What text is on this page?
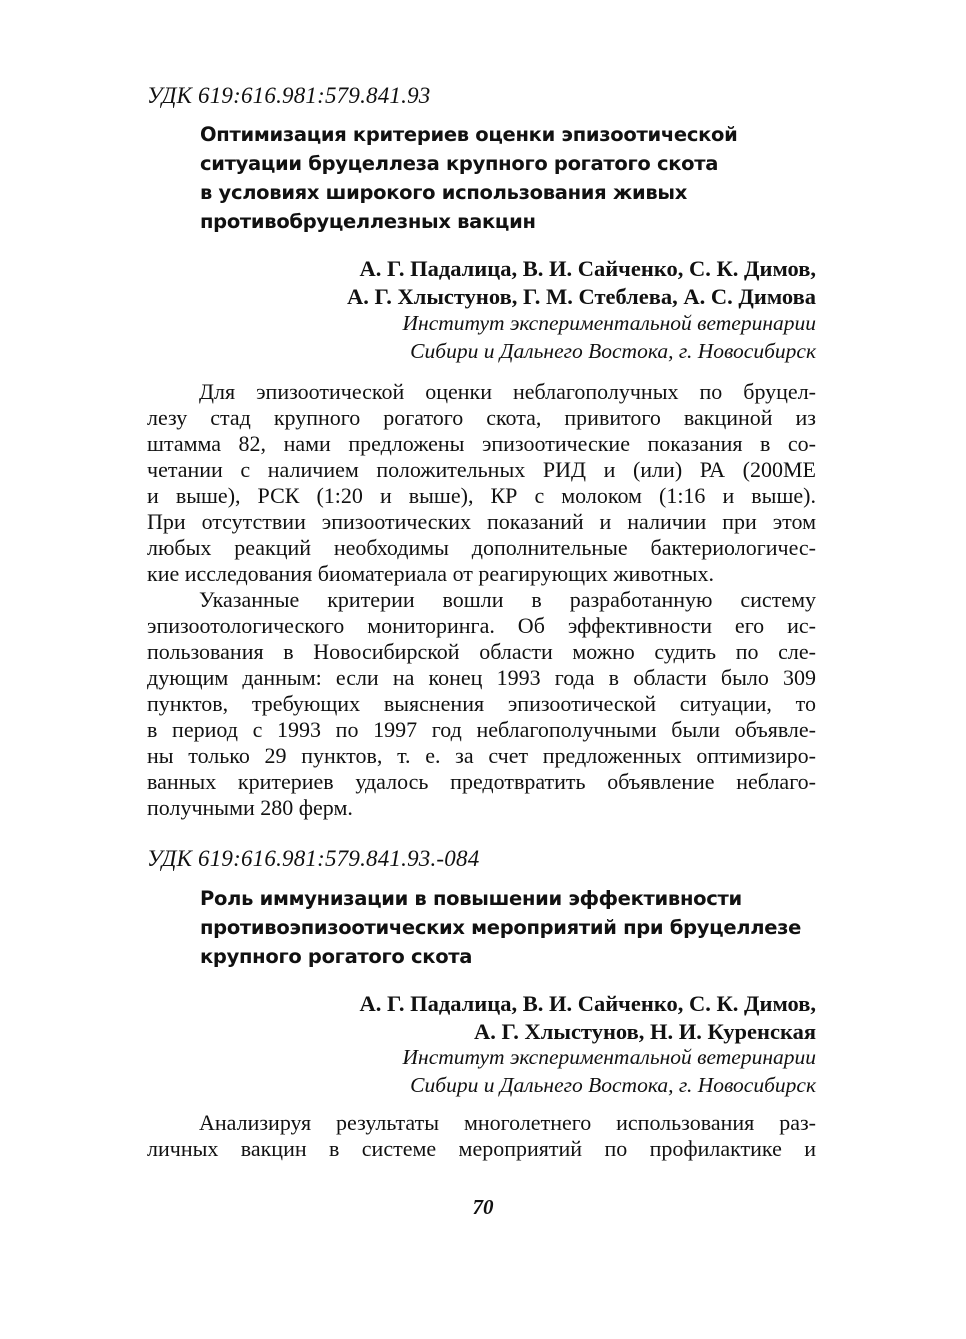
УДК 619:616.981:579.841.93
Оптимизация критериев оценки эпизоотической
ситуации бруцеллеза крупного рогатого скота
в условиях широкого использования живых
противобруцеллезных вакцин
А. Г. Падалица, В. И. Сайченко, С. К. Димов,
А. Г. Хлыстунов, Г. М. Стеблева, А. С. Димова
Институт экспериментальной ветеринарии
Сибири и Дальнего Востока, г. Новосибирск
Для эпизоотической оценки неблагополучных по бруцел-
лезу стад крупного рогатого скота, привитого вакциной из
штамма 82, нами предложены эпизоотические показания в со-
четании с наличием положительных РИД и (или) РА (200МЕ
и выше), РСК (1:20 и выше), КР с молоком (1:16 и выше).
При отсутствии эпизоотических показаний и наличии при этом
любых реакций необходимы дополнительные бактериологичес-
кие исследования биоматериала от реагирующих животных.
Указанные критерии вошли в разработанную систему
эпизоотологического мониторинга. Об эффективности его ис-
пользования в Новосибирской области можно судить по сле-
дующим данным: если на конец 1993 года в области было 309
пунктов, требующих выяснения эпизоотической ситуации, то
в период с 1993 по 1997 год неблагополучными были объявле-
ны только 29 пунктов, т. е. за счет предложенных оптимизиро-
ванных критериев удалось предотвратить объявление неблаго-
получными 280 ферм.
УДК 619:616.981:579.841.93.-084
Роль иммунизации в повышении эффективности
противоэпизоотических мероприятий при бруцеллезе
крупного рогатого скота
А. Г. Падалица, В. И. Сайченко, С. К. Димов,
А. Г. Хлыстунов, Н. И. Куренская
Институт экспериментальной ветеринарии
Сибири и Дальнего Востока, г. Новосибирск
Анализируя результаты многолетнего использования раз-
личных вакцин в системе мероприятий по профилактике и
70
